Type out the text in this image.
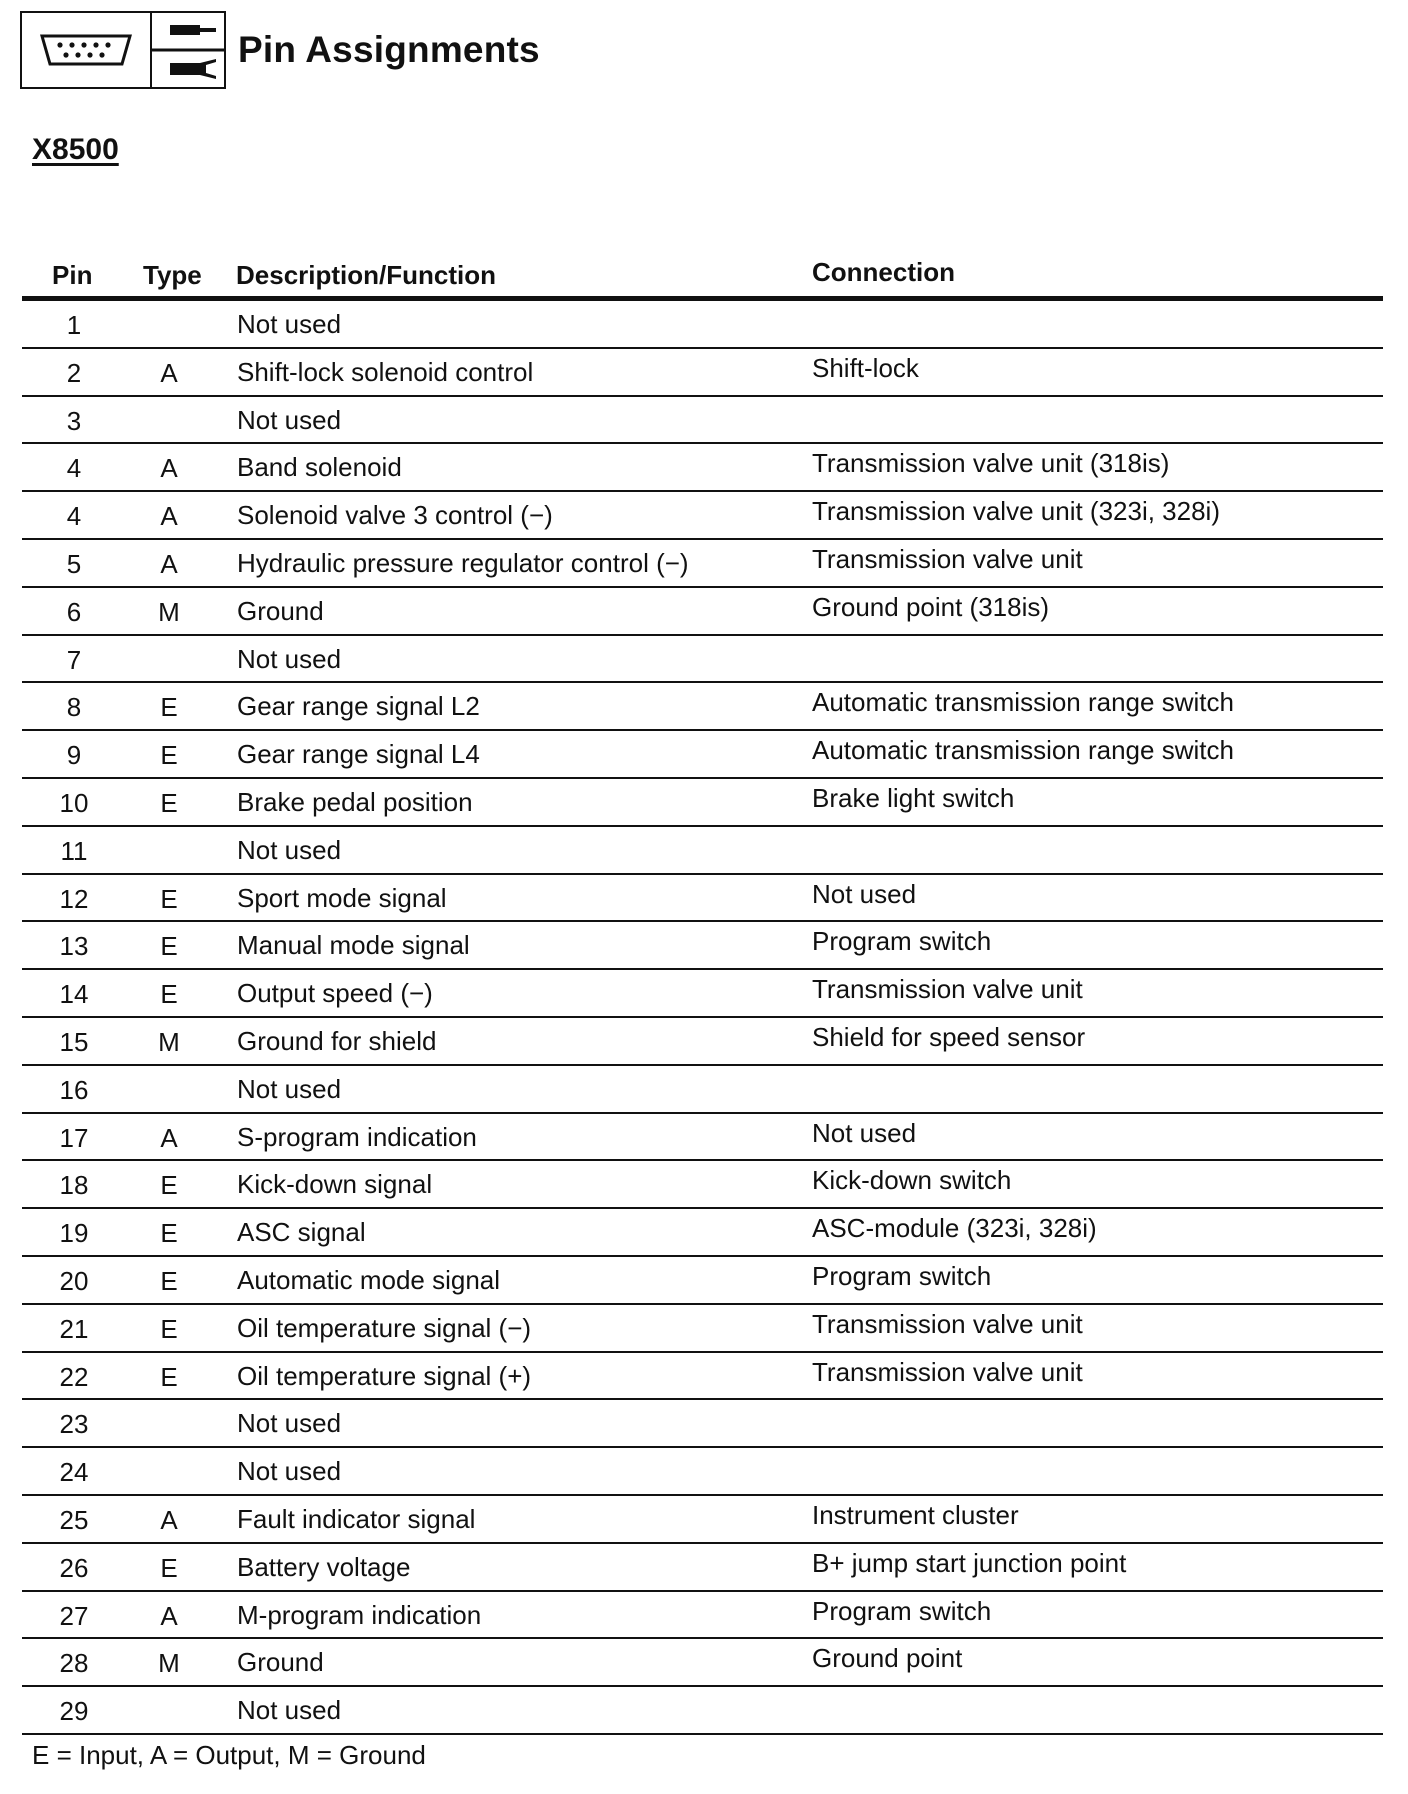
Pin Assignments
X8500
Pin Type Description/Function	Connection
1	Not used
2	A Shift-lock solenoid control	Shift-lock
3	Not used
4	A Band solenoid	Transmission valve unit (318is)
4	A Solenoid valve 3 control (−)	Transmission valve unit (323i, 328i)
5	A Hydraulic pressure regulator control (−)	Transmission valve unit
6	M Ground	Ground point (318is)
7	Not used
8	E Gear range signal L2	Automatic transmission range switch
9	E Gear range signal L4	Automatic transmission range switch
10	E Brake pedal position	Brake light switch
11	Not used
12	E Sport mode signal	Not used
13	E Manual mode signal	Program switch
14	E Output speed (−)	Transmission valve unit
15	M Ground for shield	Shield for speed sensor
16	Not used
17	A S-program indication	Not used
18	E Kick-down signal	Kick-down switch
19	E ASC signal	ASC-module (323i, 328i)
20	E Automatic mode signal	Program switch
21	E Oil temperature signal (−)	Transmission valve unit
22	E Oil temperature signal (+)	Transmission valve unit
23	Not used
24	Not used
25	A Fault indicator signal	Instrument cluster
26	E Battery voltage	B+ jump start junction point
27	A M-program indication	Program switch
28	M Ground	Ground point
29	Not used
E = Input, A = Output, M = Ground
